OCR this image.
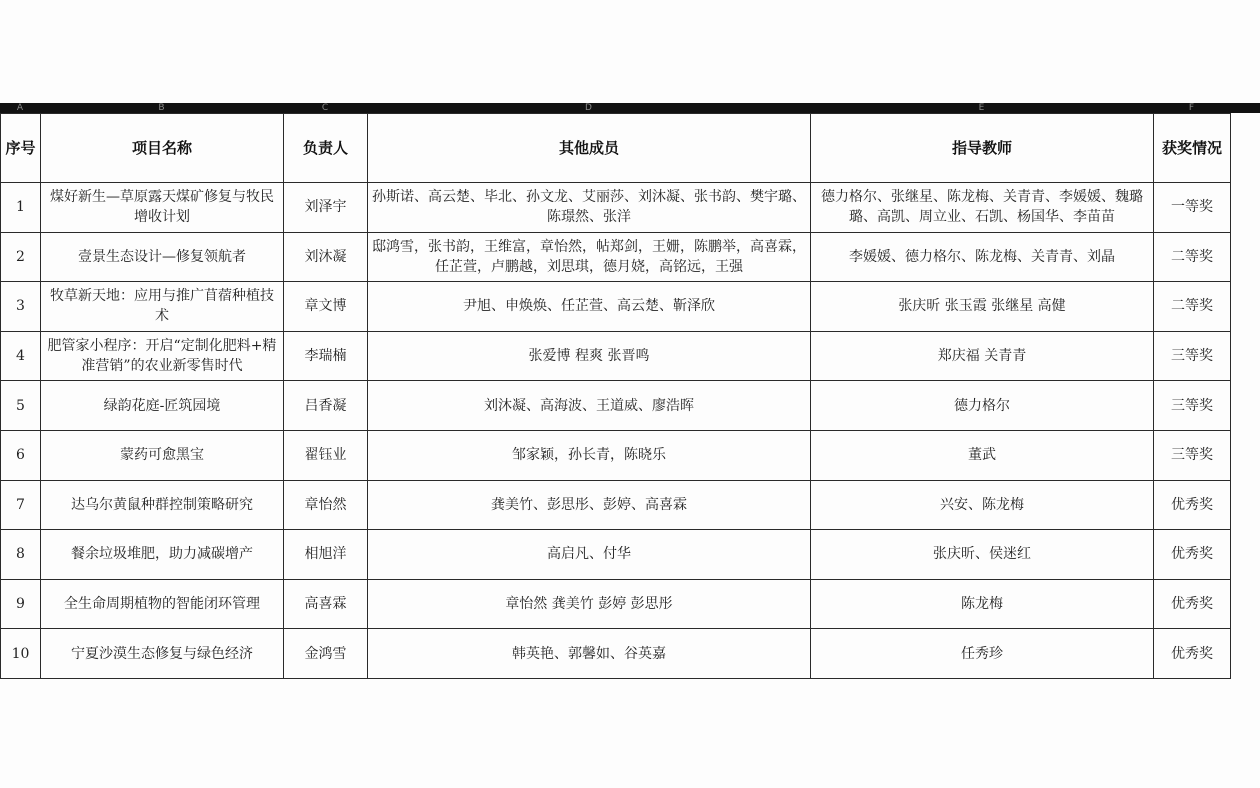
A	B	C	D	E	F
序号	项目名称	负责人	其他成员	指导教师	获奖情况
1	煤好新生—草原露天煤矿修复与牧民增收计划	刘泽宇	孙斯诺、高云楚、毕北、孙文龙、艾丽莎、刘沐凝、张书韵、樊宇璐、陈璟然、张洋	德力格尔、张继星、陈龙梅、关青青、李媛媛、魏璐璐、高凯、周立业、石凯、杨国华、李苗苗	一等奖
2	壹景生态设计—修复领航者	刘沐凝	邸鸿雪，张书韵，王维富，章怡然，帖郑剑，王姗，陈鹏举，高喜霖，任芷萱，卢鹏越，刘思琪，德月娆，高铭远，王强	李媛媛、德力格尔、陈龙梅、关青青、刘晶	二等奖
3	牧草新天地：应用与推广苜蓿种植技术	章文博	尹旭、申焕焕、任芷萱、高云楚、靳泽欣	张庆昕 张玉霞 张继星 高健	二等奖
4	肥管家小程序：开启“定制化肥料+精准营销”的农业新零售时代	李瑞楠	张爱博 程爽 张晋鸣	郑庆福 关青青	三等奖
5	绿韵花庭-匠筑园境	吕香凝	刘沐凝、高海波、王道威、廖浩晖	德力格尔	三等奖
6	蒙药可愈黑宝	翟钰业	邹家颖，孙长青，陈晓乐	董武	三等奖
7	达乌尔黄鼠种群控制策略研究	章怡然	龚美竹、彭思彤、彭婷、高喜霖	兴安、陈龙梅	优秀奖
8	餐余垃圾堆肥，助力减碳增产	相旭洋	高启凡、付华	张庆昕、侯迷红	优秀奖
9	全生命周期植物的智能闭环管理	高喜霖	章怡然 龚美竹 彭婷 彭思彤	陈龙梅	优秀奖
10	宁夏沙漠生态修复与绿色经济	金鸿雪	韩英艳、郭馨如、谷英嘉	任秀珍	优秀奖
